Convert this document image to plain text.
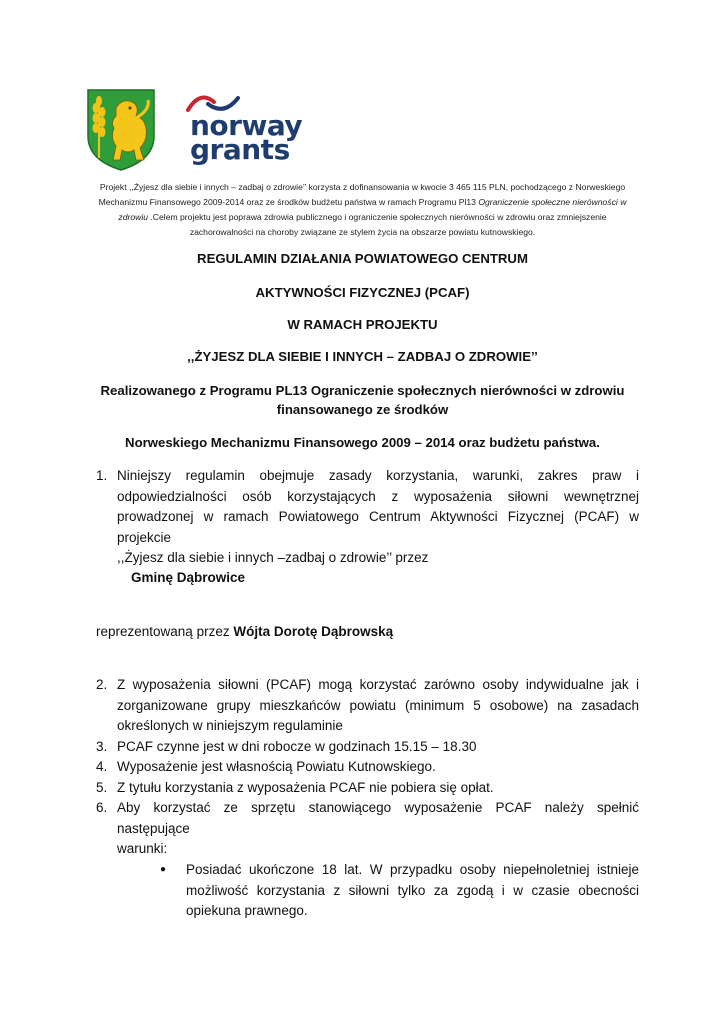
norway
grants
Projekt ,,Żyjesz dla siebie i innych – zadbaj o zdrowie’’ korzysta z dofinansowania w kwocie 3 465 115 PLN, pochodzącego z Norweskiego Mechanizmu Finansowego 2009-2014 oraz ze środków budżetu państwa w ramach Programu Pl13 Ograniczenie społeczne nierówności w zdrowiu .Celem projektu jest poprawa zdrowia publicznego i ograniczenie społecznych nierówności w zdrowiu oraz zmniejszenie zachorowalności na choroby związane ze stylem życia na obszarze powiatu kutnowskiego.
REGULAMIN DZIAŁANIA POWIATOWEGO CENTRUM
AKTYWNOŚCI FIZYCZNEJ (PCAF)
W RAMACH PROJEKTU
,,ŻYJESZ DLA SIEBIE I INNYCH – ZADBAJ O ZDROWIE’’
Realizowanego z Programu PL13 Ograniczenie społecznych nierówności w zdrowiu
finansowanego ze środków
Norweskiego Mechanizmu Finansowego 2009 – 2014 oraz budżetu państwa.
1. Niniejszy regulamin obejmuje zasady korzystania, warunki, zakres praw i
odpowiedzialności osób korzystających z wyposażenia siłowni wewnętrznej
prowadzonej w ramach Powiatowego Centrum Aktywności Fizycznej (PCAF) w projekcie
,,Żyjesz dla siebie i innych –zadbaj o zdrowie’’ przez
Gminę Dąbrowice
reprezentowaną przez Wójta Dorotę Dąbrowską
2. Z wyposażenia siłowni (PCAF) mogą korzystać zarówno osoby indywidualne jak i
zorganizowane grupy mieszkańców powiatu (minimum 5 osobowe) na zasadach
określonych w niniejszym regulaminie
3. PCAF czynne jest w dni robocze w godzinach 15.15 – 18.30
4. Wyposażenie jest własnością Powiatu Kutnowskiego.
5. Z tytułu korzystania z wyposażenia PCAF nie pobiera się opłat.
6. Aby korzystać ze sprzętu stanowiącego wyposażenie PCAF należy spełnić następujące
warunki:
● Posiadać ukończone 18 lat. W przypadku osoby niepełnoletniej istnieje
możliwość korzystania z siłowni tylko za zgodą i w czasie obecności
opiekuna prawnego.
